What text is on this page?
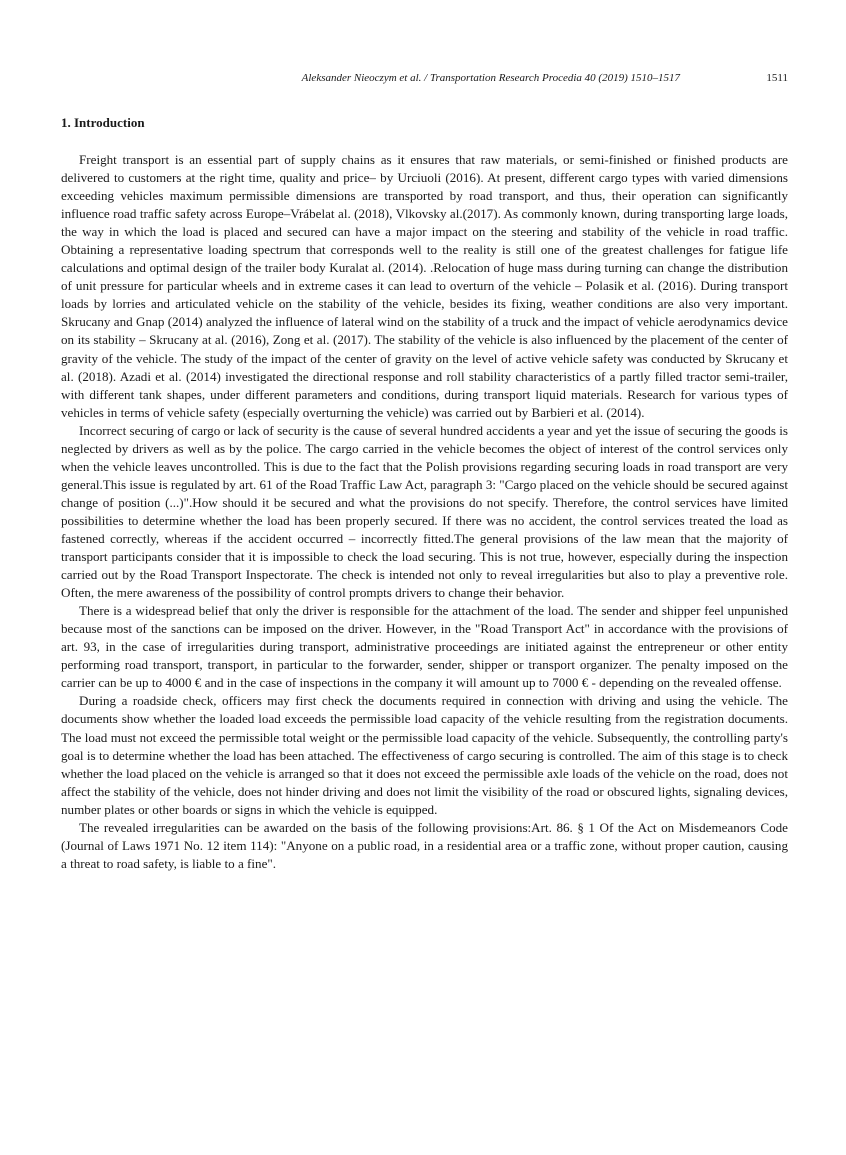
Aleksander Nieoczym et al. / Transportation Research Procedia 40 (2019) 1510–1517	1511
1. Introduction

Freight transport is an essential part of supply chains as it ensures that raw materials, or semi-finished or finished products are delivered to customers at the right time, quality and price– by Urciuoli (2016). At present, different cargo types with varied dimensions exceeding vehicles maximum permissible dimensions are transported by road transport, and thus, their operation can significantly influence road traffic safety across Europe–Vrábelat al. (2018), Vlkovsky al.(2017). As commonly known, during transporting large loads, the way in which the load is placed and secured can have a major impact on the steering and stability of the vehicle in road traffic. Obtaining a representative loading spectrum that corresponds well to the reality is still one of the greatest challenges for fatigue life calculations and optimal design of the trailer body Kuralat al. (2014). .Relocation of huge mass during turning can change the distribution of unit pressure for particular wheels and in extreme cases it can lead to overturn of the vehicle – Polasik et al. (2016). During transport loads by lorries and articulated vehicle on the stability of the vehicle, besides its fixing, weather conditions are also very important. Skrucany and Gnap (2014) analyzed the influence of lateral wind on the stability of a truck and the impact of vehicle aerodynamics device on its stability – Skrucany at al. (2016), Zong et al. (2017). The stability of the vehicle is also influenced by the placement of the center of gravity of the vehicle. The study of the impact of the center of gravity on the level of active vehicle safety was conducted by Skrucany et al. (2018). Azadi et al. (2014) investigated the directional response and roll stability characteristics of a partly filled tractor semi-trailer, with different tank shapes, under different parameters and conditions, during transport liquid materials. Research for various types of vehicles in terms of vehicle safety (especially overturning the vehicle) was carried out by Barbieri et al. (2014).

Incorrect securing of cargo or lack of security is the cause of several hundred accidents a year and yet the issue of securing the goods is neglected by drivers as well as by the police. The cargo carried in the vehicle becomes the object of interest of the control services only when the vehicle leaves uncontrolled. This is due to the fact that the Polish provisions regarding securing loads in road transport are very general.This issue is regulated by art. 61 of the Road Traffic Law Act, paragraph 3: "Cargo placed on the vehicle should be secured against change of position (...)".How should it be secured and what the provisions do not specify. Therefore, the control services have limited possibilities to determine whether the load has been properly secured. If there was no accident, the control services treated the load as fastened correctly, whereas if the accident occurred – incorrectly fitted.The general provisions of the law mean that the majority of transport participants consider that it is impossible to check the load securing. This is not true, however, especially during the inspection carried out by the Road Transport Inspectorate. The check is intended not only to reveal irregularities but also to play a preventive role. Often, the mere awareness of the possibility of control prompts drivers to change their behavior.

There is a widespread belief that only the driver is responsible for the attachment of the load. The sender and shipper feel unpunished because most of the sanctions can be imposed on the driver. However, in the "Road Transport Act" in accordance with the provisions of art. 93, in the case of irregularities during transport, administrative proceedings are initiated against the entrepreneur or other entity performing road transport, transport, in particular to the forwarder, sender, shipper or transport organizer. The penalty imposed on the carrier can be up to 4000 € and in the case of inspections in the company it will amount up to 7000 € - depending on the revealed offense.

During a roadside check, officers may first check the documents required in connection with driving and using the vehicle. The documents show whether the loaded load exceeds the permissible load capacity of the vehicle resulting from the registration documents. The load must not exceed the permissible total weight or the permissible load capacity of the vehicle. Subsequently, the controlling party's goal is to determine whether the load has been attached. The effectiveness of cargo securing is controlled. The aim of this stage is to check whether the load placed on the vehicle is arranged so that it does not exceed the permissible axle loads of the vehicle on the road, does not affect the stability of the vehicle, does not hinder driving and does not limit the visibility of the road or obscured lights, signaling devices, number plates or other boards or signs in which the vehicle is equipped.

The revealed irregularities can be awarded on the basis of the following provisions:Art. 86. § 1 Of the Act on Misdemeanors Code (Journal of Laws 1971 No. 12 item 114): "Anyone on a public road, in a residential area or a traffic zone, without proper caution, causing a threat to road safety, is liable to a fine".
